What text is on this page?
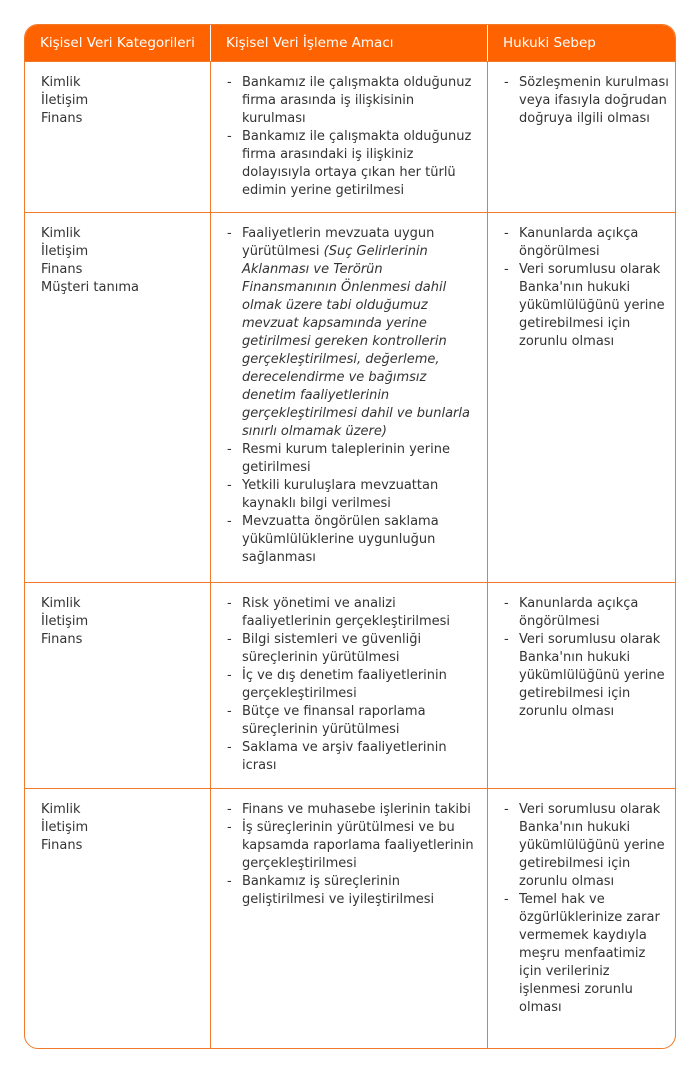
Kişisel Veri Kategorileri	Kişisel Veri İşleme Amacı	Hukuki Sebep
Kimlik
İletişim
Finans
- Bankamız ile çalışmakta olduğunuz firma arasında iş ilişkisinin kurulması
- Bankamız ile çalışmakta olduğunuz firma arasındaki iş ilişkiniz dolayısıyla ortaya çıkan her türlü edimin yerine getirilmesi
- Sözleşmenin kurulması veya ifasıyla doğrudan doğruya ilgili olması
Kimlik
İletişim
Finans
Müşteri tanıma
- Faaliyetlerin mevzuata uygun yürütülmesi (Suç Gelirlerinin Aklanması ve Terörün Finansmanının Önlenmesi dahil olmak üzere tabi olduğumuz mevzuat kapsamında yerine getirilmesi gereken kontrollerin gerçekleştirilmesi, değerleme, derecelendirme ve bağımsız denetim faaliyetlerinin gerçekleştirilmesi dahil ve bunlarla sınırlı olmamak üzere)
- Resmi kurum taleplerinin yerine getirilmesi
- Yetkili kuruluşlara mevzuattan kaynaklı bilgi verilmesi
- Mevzuatta öngörülen saklama yükümlülüklerine uygunluğun sağlanması
- Kanunlarda açıkça öngörülmesi
- Veri sorumlusu olarak Banka'nın hukuki yükümlülüğünü yerine getirebilmesi için zorunlu olması
Kimlik
İletişim
Finans
- Risk yönetimi ve analizi faaliyetlerinin gerçekleştirilmesi
- Bilgi sistemleri ve güvenliği süreçlerinin yürütülmesi
- İç ve dış denetim faaliyetlerinin gerçekleştirilmesi
- Bütçe ve finansal raporlama süreçlerinin yürütülmesi
- Saklama ve arşiv faaliyetlerinin icrası
- Kanunlarda açıkça öngörülmesi
- Veri sorumlusu olarak Banka'nın hukuki yükümlülüğünü yerine getirebilmesi için zorunlu olması
Kimlik
İletişim
Finans
- Finans ve muhasebe işlerinin takibi
- İş süreçlerinin yürütülmesi ve bu kapsamda raporlama faaliyetlerinin gerçekleştirilmesi
- Bankamız iş süreçlerinin geliştirilmesi ve iyileştirilmesi
- Veri sorumlusu olarak Banka'nın hukuki yükümlülüğünü yerine getirebilmesi için zorunlu olması
- Temel hak ve özgürlüklerinize zarar vermemek kaydıyla meşru menfaatimiz için verileriniz işlenmesi zorunlu olması
